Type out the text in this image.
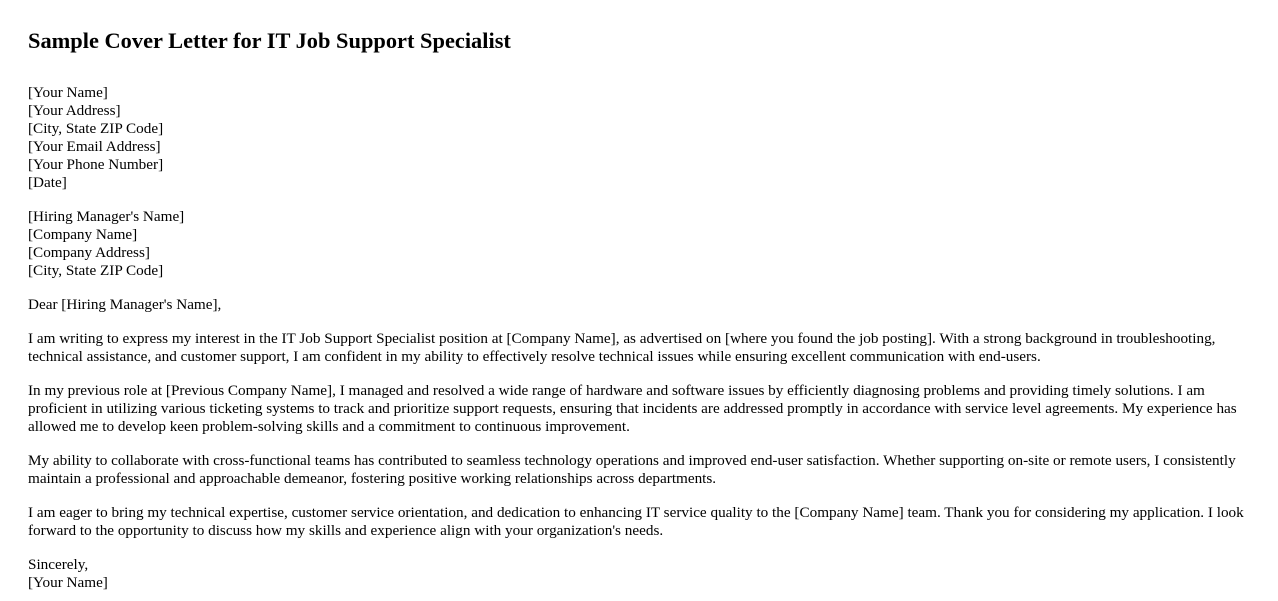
Sample Cover Letter for IT Job Support Specialist
[Your Name]
[Your Address]
[City, State ZIP Code]
[Your Email Address]
[Your Phone Number]
[Date]
[Hiring Manager's Name]
[Company Name]
[Company Address]
[City, State ZIP Code]

Dear [Hiring Manager's Name],

I am writing to express my interest in the IT Job Support Specialist position at [Company Name], as advertised on [where you found the job posting]. With a strong background in troubleshooting, technical assistance, and customer support, I am confident in my ability to effectively resolve technical issues while ensuring excellent communication with end-users.

In my previous role at [Previous Company Name], I managed and resolved a wide range of hardware and software issues by efficiently diagnosing problems and providing timely solutions. I am proficient in utilizing various ticketing systems to track and prioritize support requests, ensuring that incidents are addressed promptly in accordance with service level agreements. My experience has allowed me to develop keen problem-solving skills and a commitment to continuous improvement.

My ability to collaborate with cross-functional teams has contributed to seamless technology operations and improved end-user satisfaction. Whether supporting on-site or remote users, I consistently maintain a professional and approachable demeanor, fostering positive working relationships across departments.

I am eager to bring my technical expertise, customer service orientation, and dedication to enhancing IT service quality to the [Company Name] team. Thank you for considering my application. I look forward to the opportunity to discuss how my skills and experience align with your organization's needs.

Sincerely,
[Your Name]
